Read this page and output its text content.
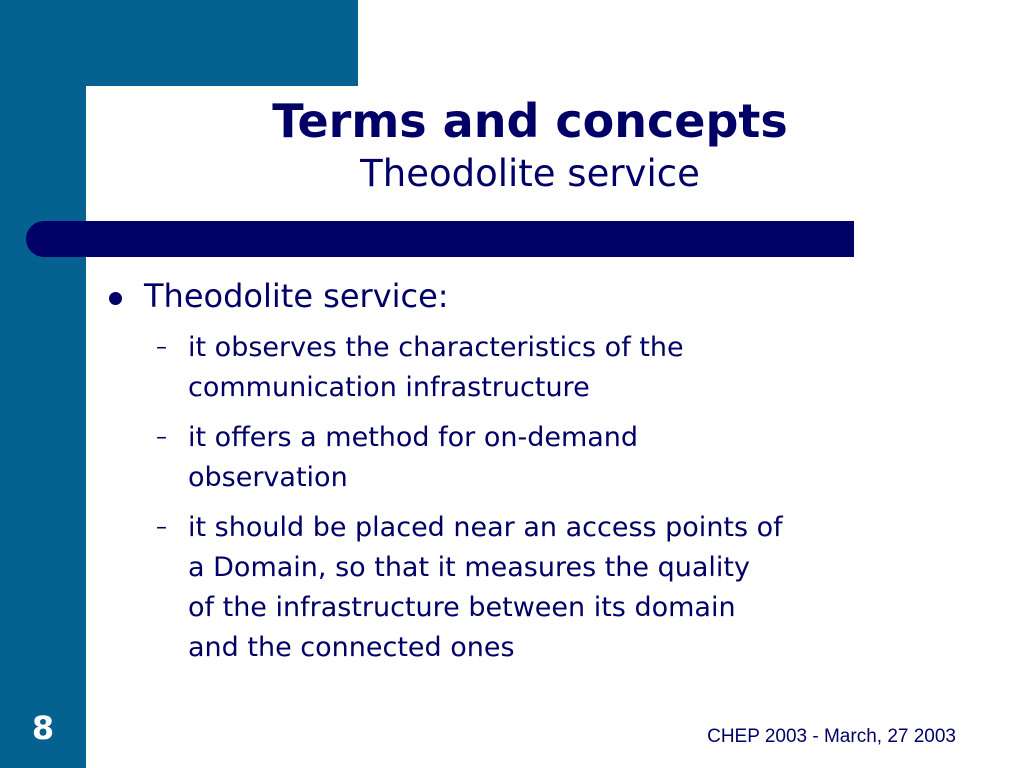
Terms and concepts
Theodolite service
Theodolite service:
– it observes the characteristics of the
communication infrastructure
– it offers a method for on-demand
observation
– it should be placed near an access points of
a Domain, so that it measures the quality
of the infrastructure between its domain
and the connected ones
8	CHEP 2003 - March, 27 2003
